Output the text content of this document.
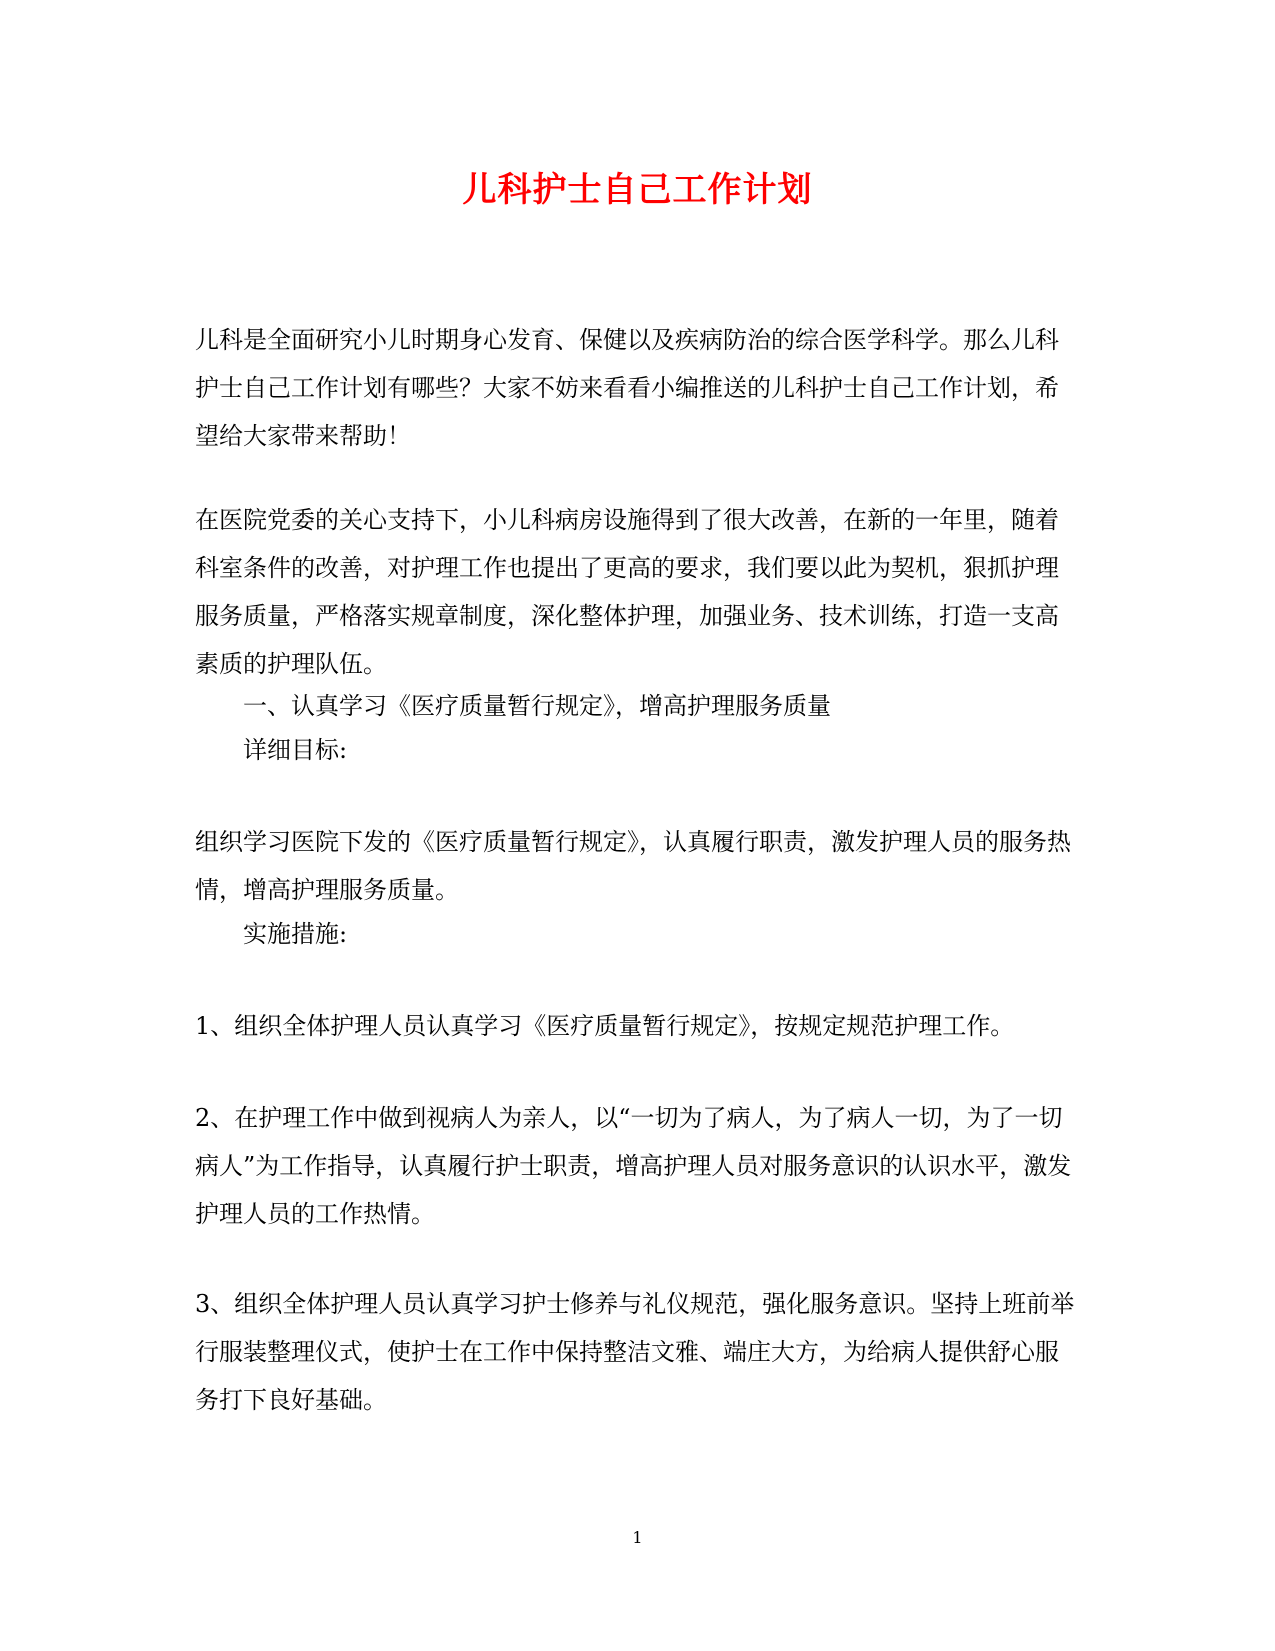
儿科护士自己工作计划

儿科是全面研究小儿时期身心发育、保健以及疾病防治的综合医学科学。那么儿科护士自己工作计划有哪些？大家不妨来看看小编推送的儿科护士自己工作计划，希望给大家带来帮助！

在医院党委的关心支持下，小儿科病房设施得到了很大改善，在新的一年里，随着科室条件的改善，对护理工作也提出了更高的要求，我们要以此为契机，狠抓护理服务质量，严格落实规章制度，深化整体护理，加强业务、技术训练，打造一支高素质的护理队伍。

一、认真学习《医疗质量暂行规定》，增高护理服务质量

详细目标:

组织学习医院下发的《医疗质量暂行规定》，认真履行职责，激发护理人员的服务热情，增高护理服务质量。

实施措施:

1、组织全体护理人员认真学习《医疗质量暂行规定》，按规定规范护理工作。

2、在护理工作中做到视病人为亲人，以“一切为了病人，为了病人一切，为了一切病人”为工作指导，认真履行护士职责，增高护理人员对服务意识的认识水平，激发护理人员的工作热情。

3、组织全体护理人员认真学习护士修养与礼仪规范，强化服务意识。坚持上班前举行服装整理仪式，使护士在工作中保持整洁文雅、端庄大方，为给病人提供舒心服务打下良好基础。

1
